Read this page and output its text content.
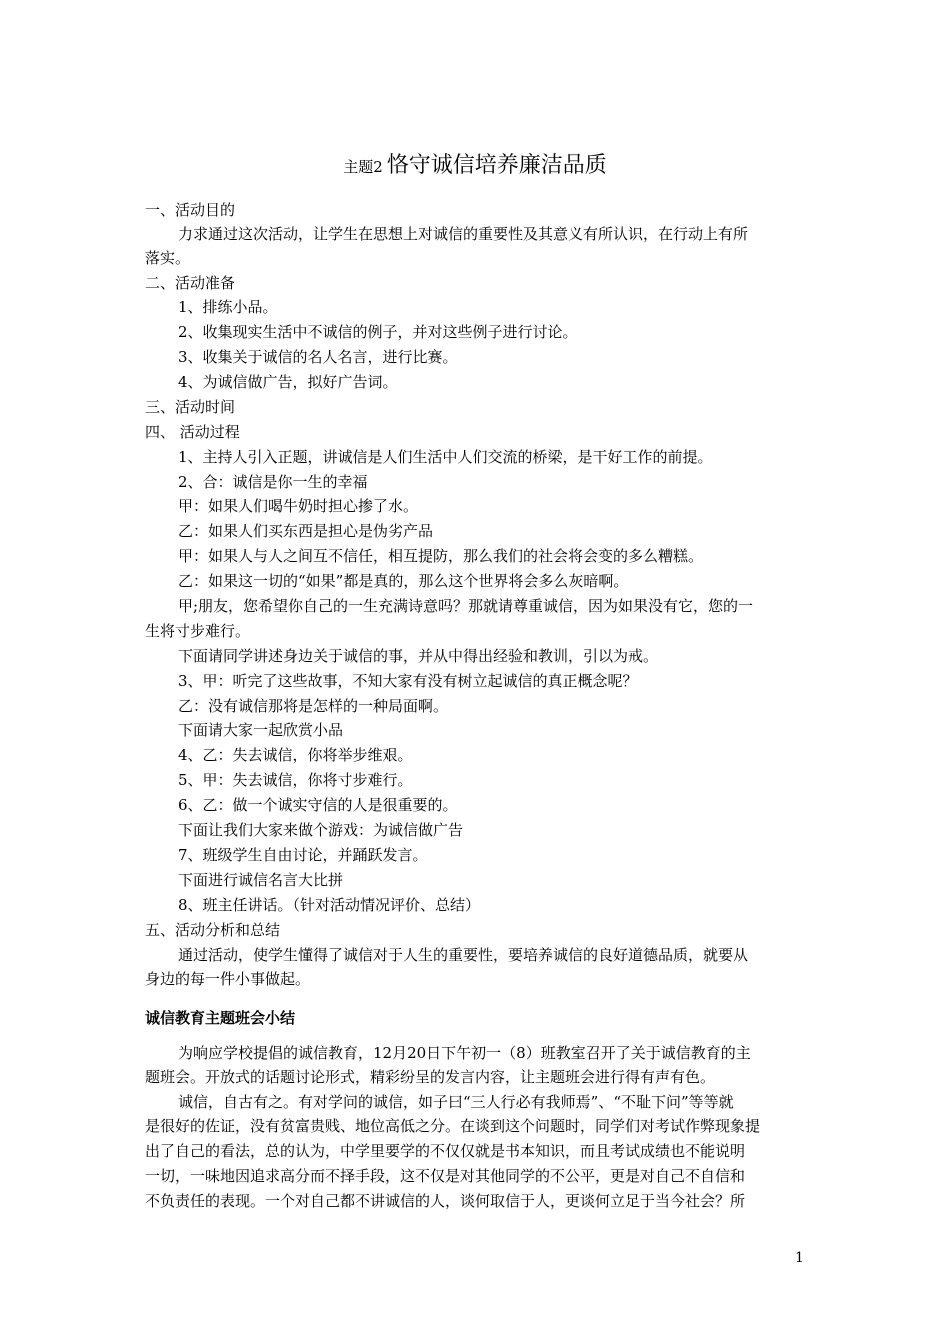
主题2 恪守诚信培养廉洁品质
一、活动目的
力求通过这次活动，让学生在思想上对诚信的重要性及其意义有所认识，在行动上有所
落实。
二、活动准备
1、排练小品。
2、收集现实生活中不诚信的例子，并对这些例子进行讨论。
3、收集关于诚信的名人名言，进行比赛。
4、为诚信做广告，拟好广告词。
三、活动时间
四、 活动过程
1、主持人引入正题，讲诚信是人们生活中人们交流的桥梁，是干好工作的前提。
2、合：诚信是你一生的幸福
甲：如果人们喝牛奶时担心掺了水。
乙：如果人们买东西是担心是伪劣产品
甲：如果人与人之间互不信任，相互提防，那么我们的社会将会变的多么糟糕。
乙：如果这一切的“如果”都是真的，那么这个世界将会多么灰暗啊。
甲;朋友，您希望你自己的一生充满诗意吗？那就请尊重诚信，因为如果没有它，您的一
生将寸步难行。
下面请同学讲述身边关于诚信的事，并从中得出经验和教训，引以为戒。
3、甲：听完了这些故事，不知大家有没有树立起诚信的真正概念呢？
乙：没有诚信那将是怎样的一种局面啊。
下面请大家一起欣赏小品
4、乙：失去诚信，你将举步维艰。
5、甲：失去诚信，你将寸步难行。
6、乙：做一个诚实守信的人是很重要的。
下面让我们大家来做个游戏：为诚信做广告
7、班级学生自由讨论，并踊跃发言。
下面进行诚信名言大比拼
8、班主任讲话。（针对活动情况评价、总结）
五、活动分析和总结
通过活动，使学生懂得了诚信对于人生的重要性，要培养诚信的良好道德品质，就要从
身边的每一件小事做起。
诚信教育主题班会小结
为响应学校提倡的诚信教育，12月20日下午初一（8）班教室召开了关于诚信教育的主
题班会。开放式的话题讨论形式，精彩纷呈的发言内容，让主题班会进行得有声有色。
诚信，自古有之。有对学问的诚信，如子曰“三人行必有我师焉”、“不耻下问”等等就
是很好的佐证，没有贫富贵贱、地位高低之分。在谈到这个问题时，同学们对考试作弊现象提
出了自己的看法，总的认为，中学里要学的不仅仅就是书本知识，而且考试成绩也不能说明
一切，一味地因追求高分而不择手段，这不仅是对其他同学的不公平，更是对自己不自信和
不负责任的表现。一个对自己都不讲诚信的人，谈何取信于人，更谈何立足于当今社会？所
1
